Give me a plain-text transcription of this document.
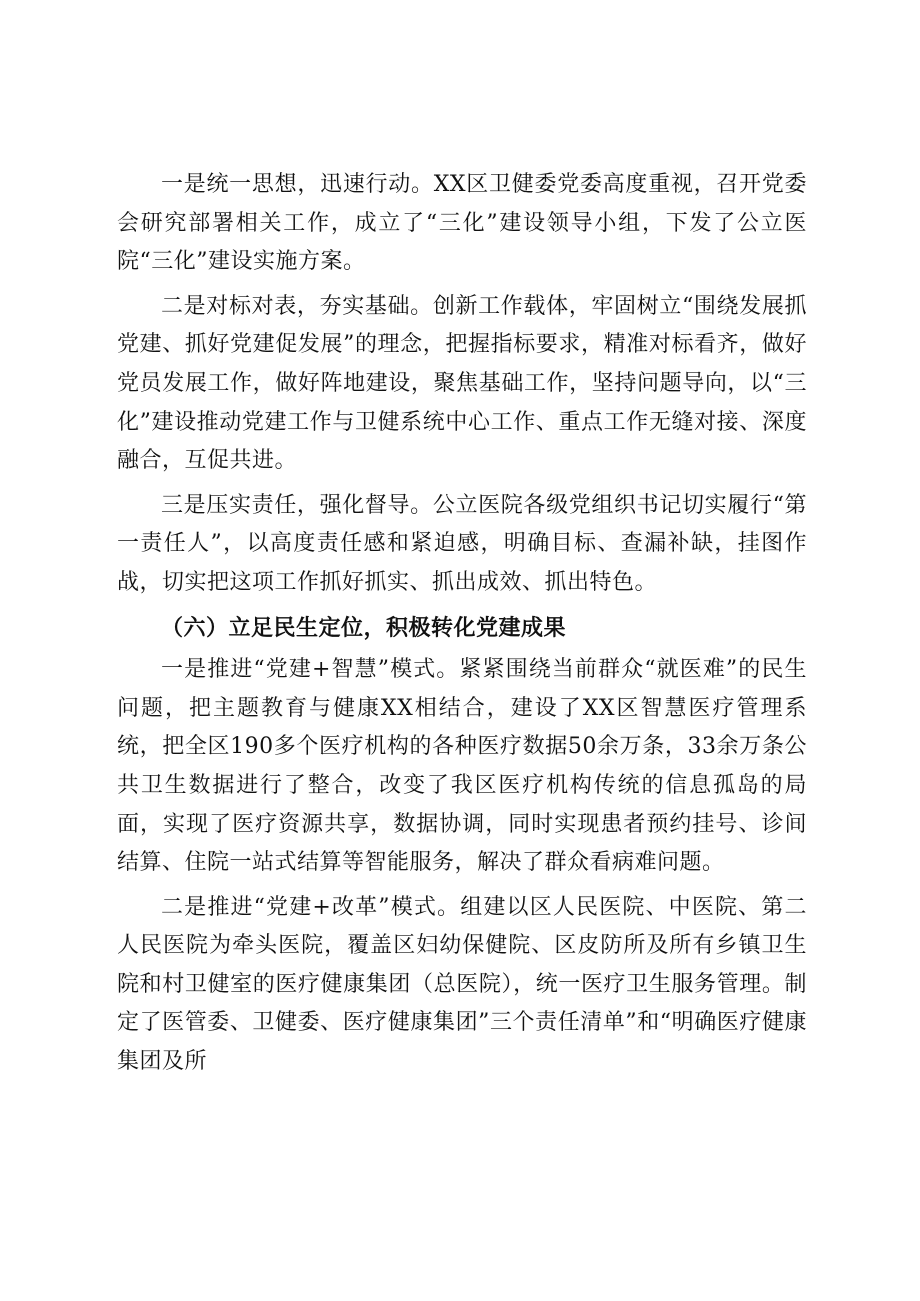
一是统一思想，迅速行动。XX区卫健委党委高度重视，召开党委会研究部署相关工作，成立了“三化”建设领导小组，下发了公立医院“三化”建设实施方案。

二是对标对表，夯实基础。创新工作载体，牢固树立“围绕发展抓党建、抓好党建促发展”的理念，把握指标要求，精准对标看齐，做好党员发展工作，做好阵地建设，聚焦基础工作，坚持问题导向，以“三化”建设推动党建工作与卫健系统中心工作、重点工作无缝对接、深度融合，互促共进。

三是压实责任，强化督导。公立医院各级党组织书记切实履行“第一责任人”，以高度责任感和紧迫感，明确目标、查漏补缺，挂图作战，切实把这项工作抓好抓实、抓出成效、抓出特色。

（六）立足民生定位，积极转化党建成果

一是推进“党建+智慧”模式。紧紧围绕当前群众“就医难”的民生问题，把主题教育与健康XX相结合，建设了XX区智慧医疗管理系统，把全区190多个医疗机构的各种医疗数据50余万条，33余万条公共卫生数据进行了整合，改变了我区医疗机构传统的信息孤岛的局面，实现了医疗资源共享，数据协调，同时实现患者预约挂号、诊间结算、住院一站式结算等智能服务，解决了群众看病难问题。

二是推进“党建+改革”模式。组建以区人民医院、中医院、第二人民医院为牵头医院，覆盖区妇幼保健院、区皮防所及所有乡镇卫生院和村卫健室的医疗健康集团（总医院），统一医疗卫生服务管理。制定了医管委、卫健委、医疗健康集团”三个责任清单”和“明确医疗健康集团及所
